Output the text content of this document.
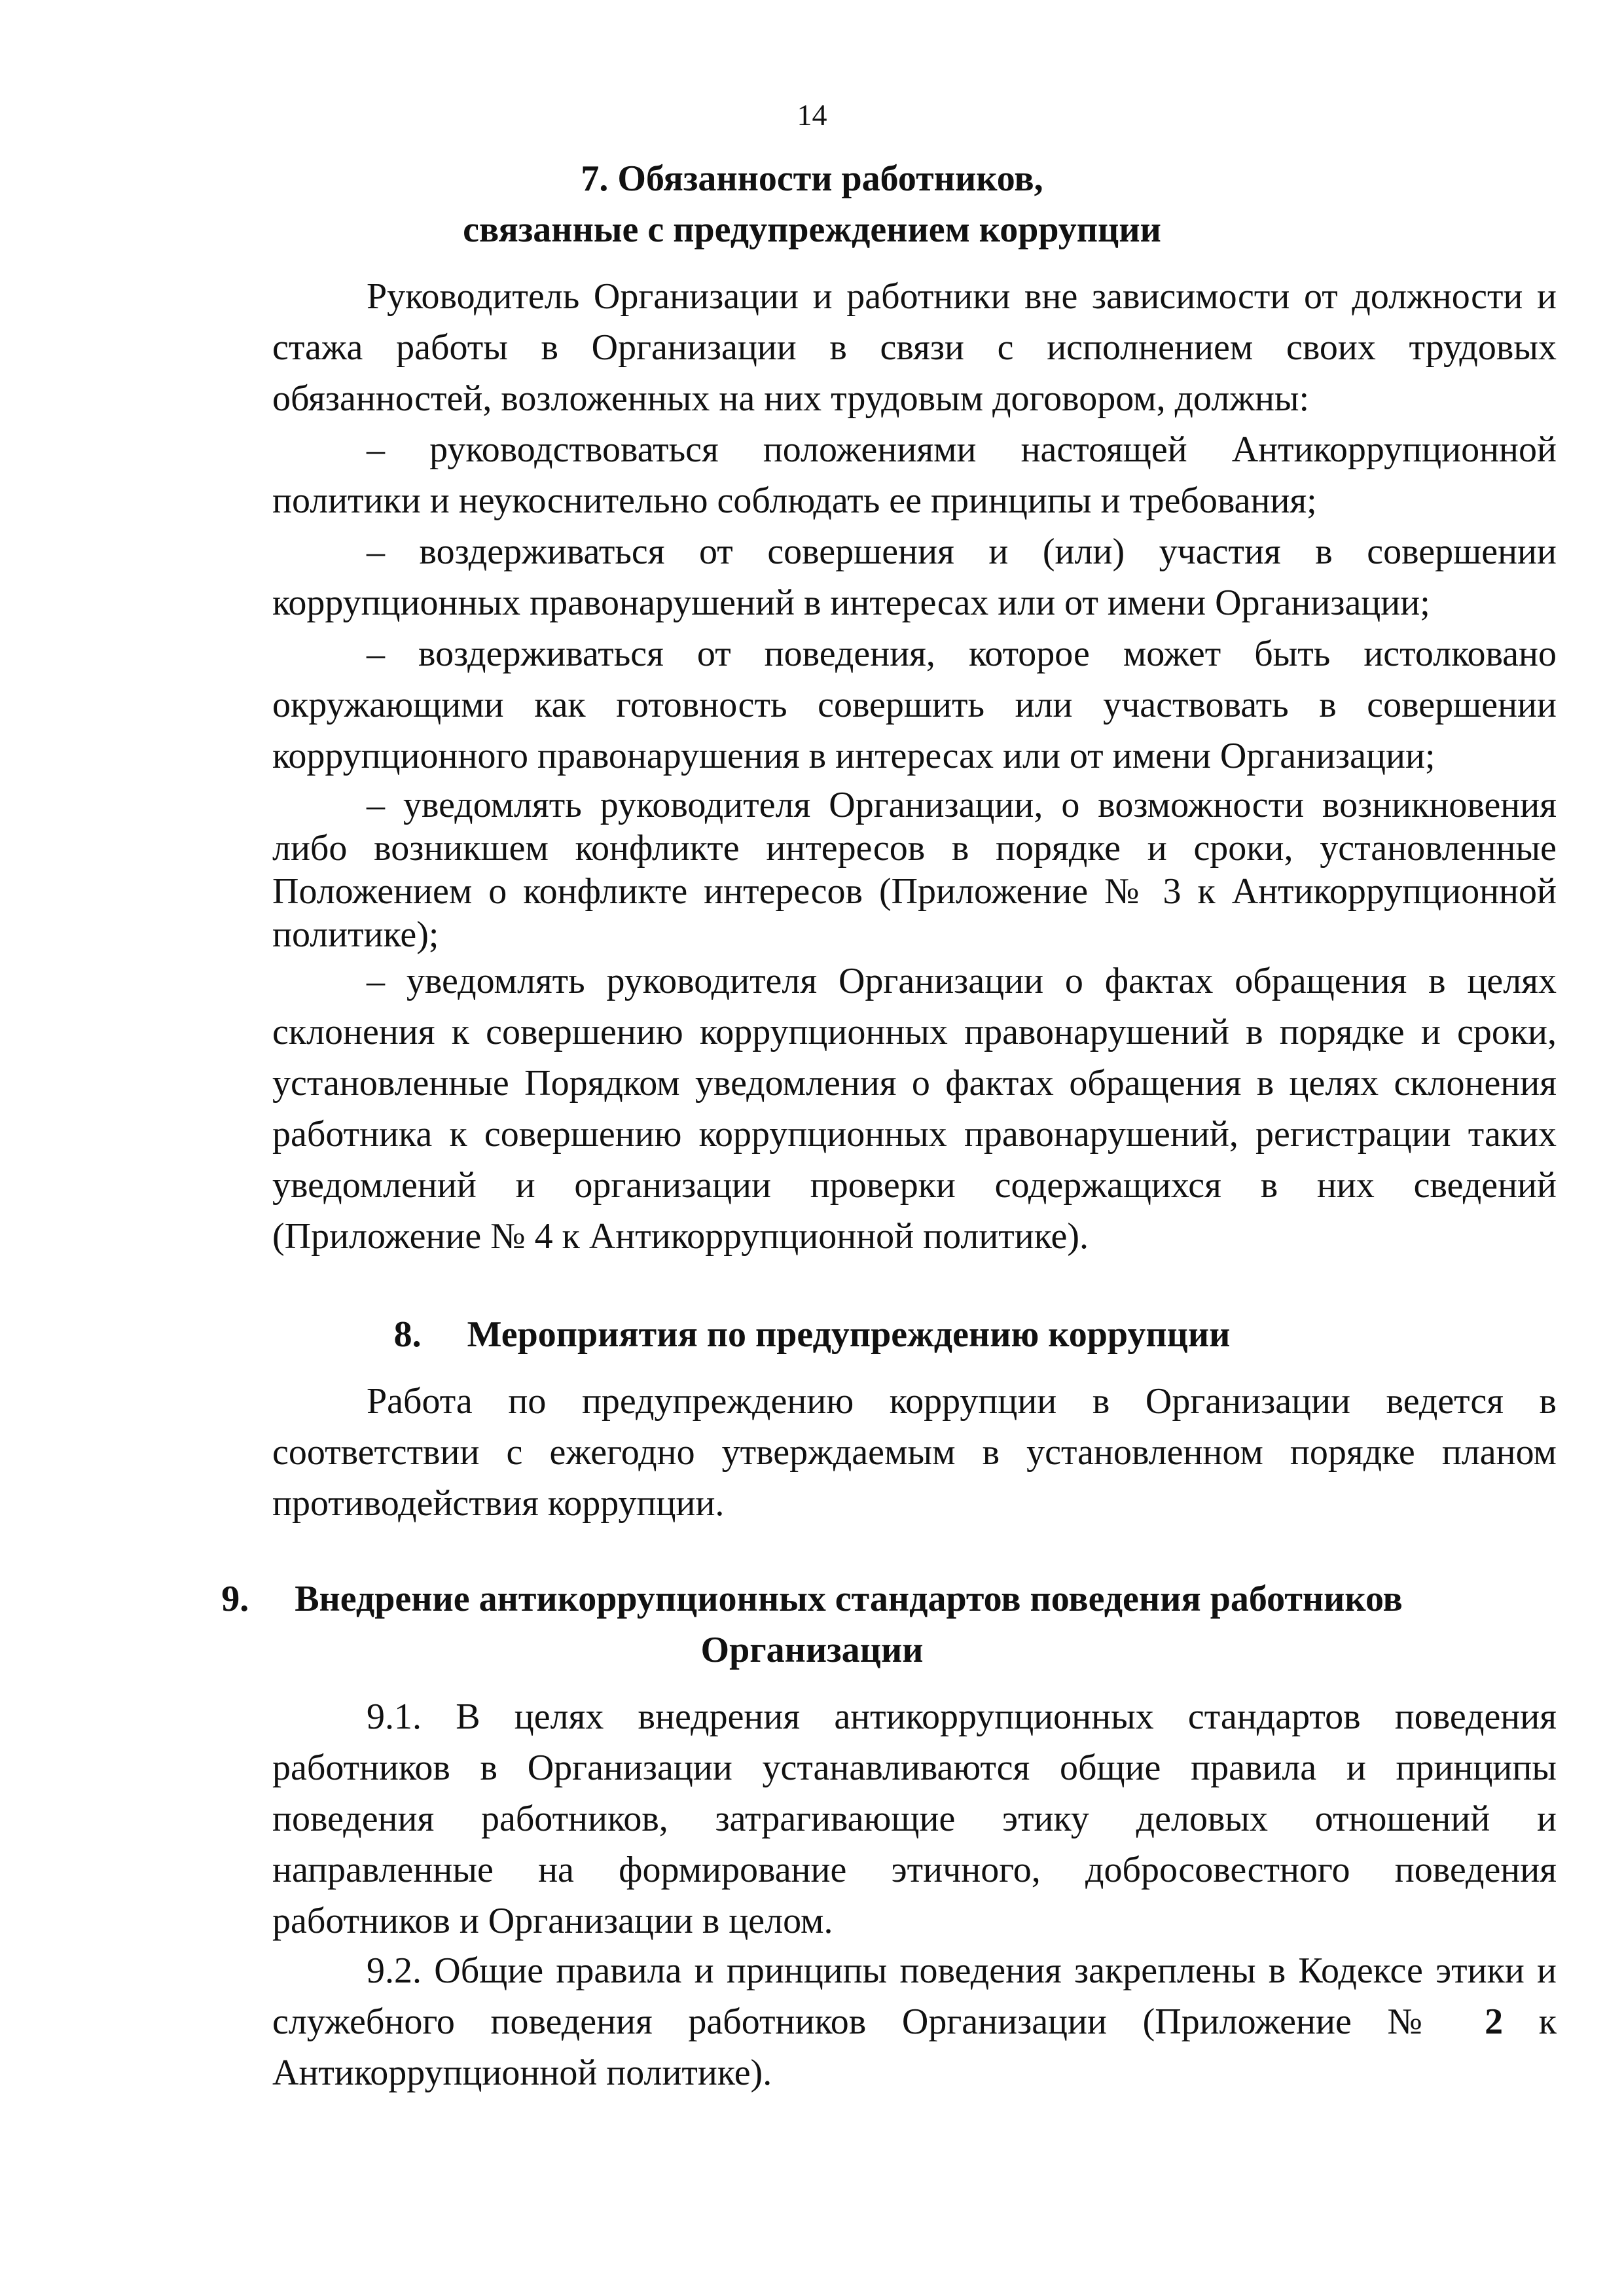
14
7. Обязанности работников,
связанные с предупреждением коррупции
Руководитель Организации и работники вне зависимости от должности и стажа работы в Организации в связи с исполнением своих трудовых обязанностей, возложенных на них трудовым договором, должны:
– руководствоваться положениями настоящей Антикоррупционной политики и неукоснительно соблюдать ее принципы и требования;
– воздерживаться от совершения и (или) участия в совершении коррупционных правонарушений в интересах или от имени Организации;
– воздерживаться от поведения, которое может быть истолковано окружающими как готовность совершить или участвовать в совершении коррупционного правонарушения в интересах или от имени Организации;
– уведомлять руководителя Организации, о возможности возникновения либо возникшем конфликте интересов в порядке и сроки, установленные Положением о конфликте интересов (Приложение № 3 к Антикоррупционной политике);
– уведомлять руководителя Организации о фактах обращения в целях склонения к совершению коррупционных правонарушений в порядке и сроки, установленные Порядком уведомления о фактах обращения в целях склонения работника к совершению коррупционных правонарушений, регистрации таких уведомлений и организации проверки содержащихся в них сведений (Приложение № 4 к Антикоррупционной политике).
8. Мероприятия по предупреждению коррупции
Работа по предупреждению коррупции в Организации ведется в соответствии с ежегодно утверждаемым в установленном порядке планом противодействия коррупции.
9. Внедрение антикоррупционных стандартов поведения работников
Организации
9.1. В целях внедрения антикоррупционных стандартов поведения работников в Организации устанавливаются общие правила и принципы поведения работников, затрагивающие этику деловых отношений и направленные на формирование этичного, добросовестного поведения работников и Организации в целом.
9.2. Общие правила и принципы поведения закреплены в Кодексе этики и служебного поведения работников Организации (Приложение № 2 к Антикоррупционной политике).
